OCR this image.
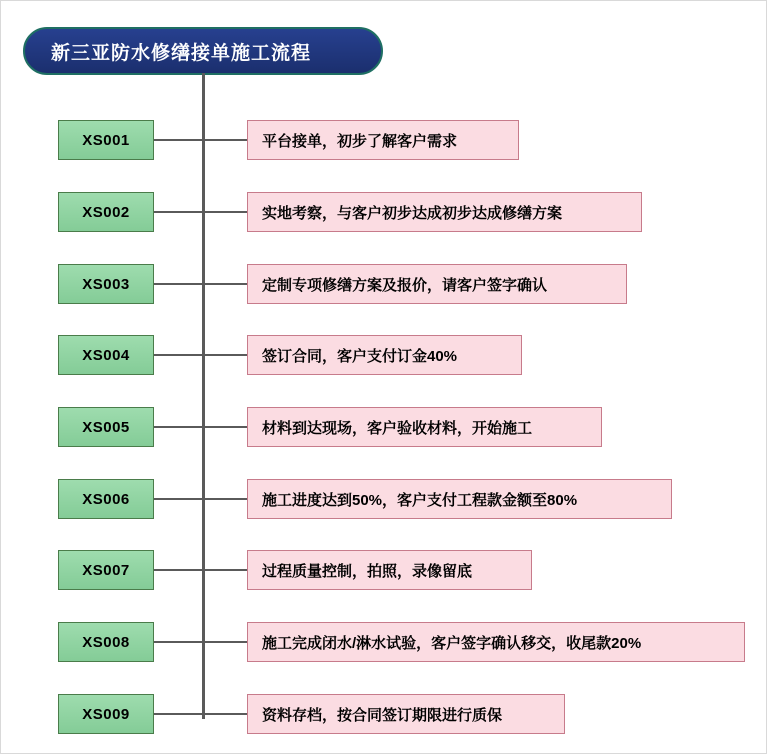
新三亚防水修缮接单施工流程
XS001	平台接单，初步了解客户需求
XS002	实地考察，与客户初步达成初步达成修缮方案
XS003	定制专项修缮方案及报价，请客户签字确认
XS004	签订合同，客户支付订金40%
XS005	材料到达现场，客户验收材料，开始施工
XS006	施工进度达到50%，客户支付工程款金额至80%
XS007	过程质量控制，拍照，录像留底
XS008	施工完成闭水/淋水试验，客户签字确认移交，收尾款20%
XS009	资料存档，按合同签订期限进行质保
